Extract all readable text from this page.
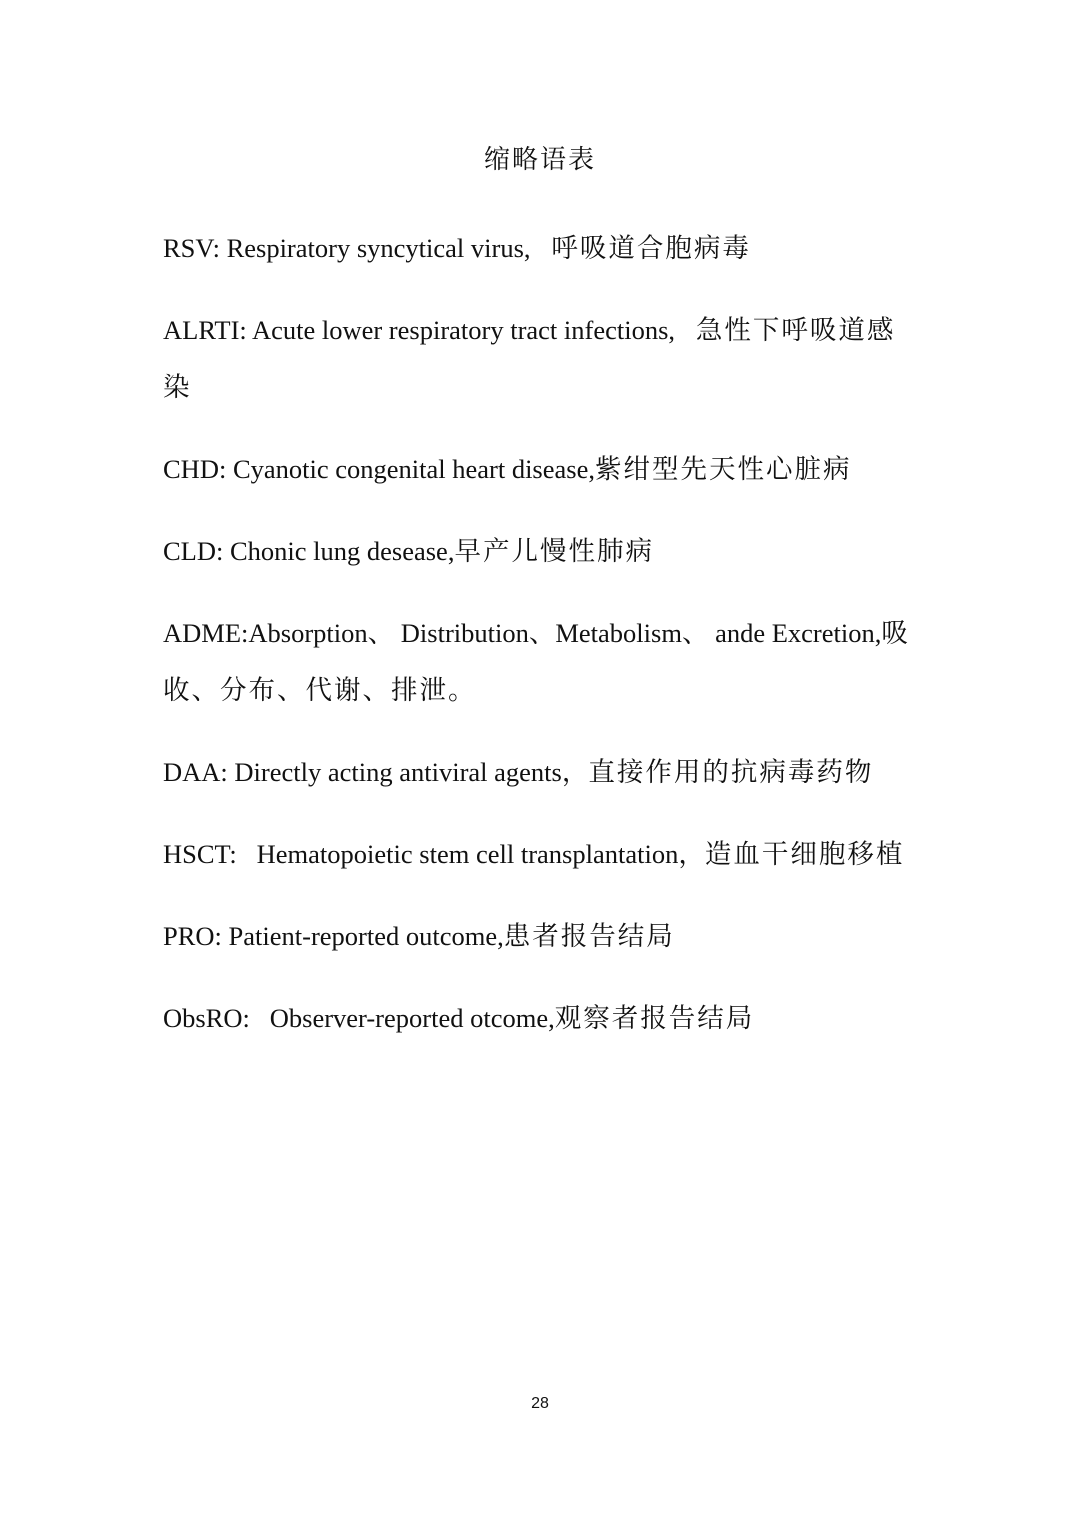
缩略语表
RSV: Respiratory syncytical virus,  呼吸道合胞病毒
ALRTI: Acute lower respiratory tract infections,  急性下呼吸道感染
CHD: Cyanotic congenital heart disease,紫绀型先天性心脏病
CLD: Chonic lung desease,早产儿慢性肺病
ADME:Absorption、 Distribution、Metabolism、 ande Excretion,吸收、分布、代谢、排泄。
DAA: Directly acting antiviral agents，直接作用的抗病毒药物
HSCT:   Hematopoietic stem cell transplantation，造血干细胞移植
PRO: Patient-reported outcome,患者报告结局
ObsRO:   Observer-reported otcome,观察者报告结局
28
